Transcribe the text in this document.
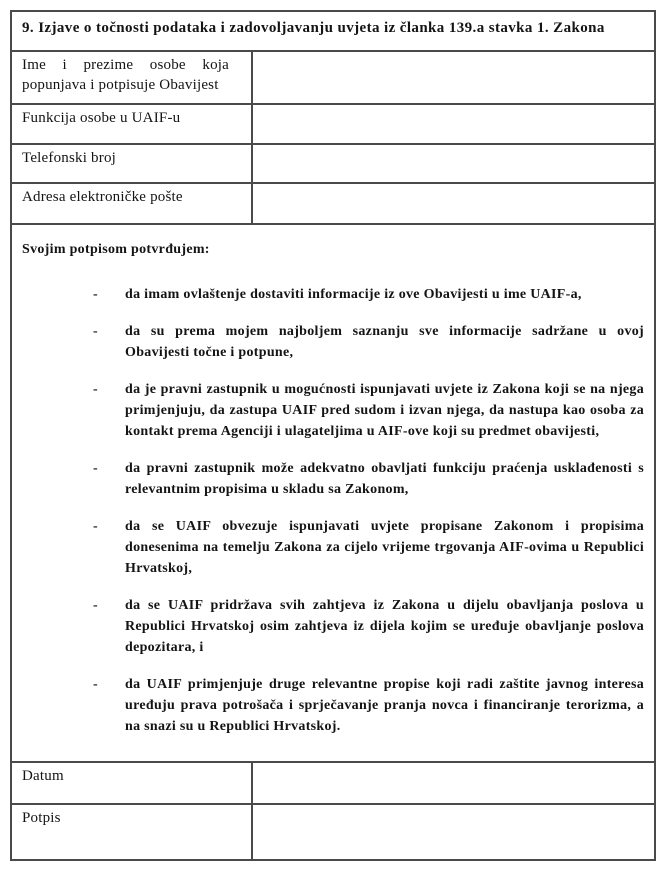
9. Izjave o točnosti podataka i zadovoljavanju uvjeta iz članka 139.a stavka 1. Zakona	
Ime i prezime osobe koja popunjava i potpisuje Obavijest	
Funkcija osobe u UAIF-u	
Telefonski broj	
Adresa elektroničke pošte	

Svojim potpisom potvrđujem:

-	da imam ovlaštenje dostaviti informacije iz ove Obavijesti u ime UAIF-a,
-	da su prema mojem najboljem saznanju sve informacije sadržane u ovoj Obavijesti točne i potpune,
-	da je pravni zastupnik u mogućnosti ispunjavati uvjete iz Zakona koji se na njega primjenjuju, da zastupa UAIF pred sudom i izvan njega, da nastupa kao osoba za kontakt prema Agenciji i ulagateljima u AIF-ove koji su predmet obavijesti,
-	da pravni zastupnik može adekvatno obavljati funkciju praćenja usklađenosti s relevantnim propisima u skladu sa Zakonom,
-	da se UAIF obvezuje ispunjavati uvjete propisane Zakonom i propisima donesenima na temelju Zakona za cijelo vrijeme trgovanja AIF-ovima u Republici Hrvatskoj,
-	da se UAIF pridržava svih zahtjeva iz Zakona u dijelu obavljanja poslova u Republici Hrvatskoj osim zahtjeva iz dijela kojim se uređuje obavljanje poslova depozitara, i
-	da UAIF primjenjuje druge relevantne propise koji radi zaštite javnog interesa uređuju prava potrošača i sprječavanje pranja novca i financiranje terorizma, a na snazi su u Republici Hrvatskoj.

Datum	
Potpis	
